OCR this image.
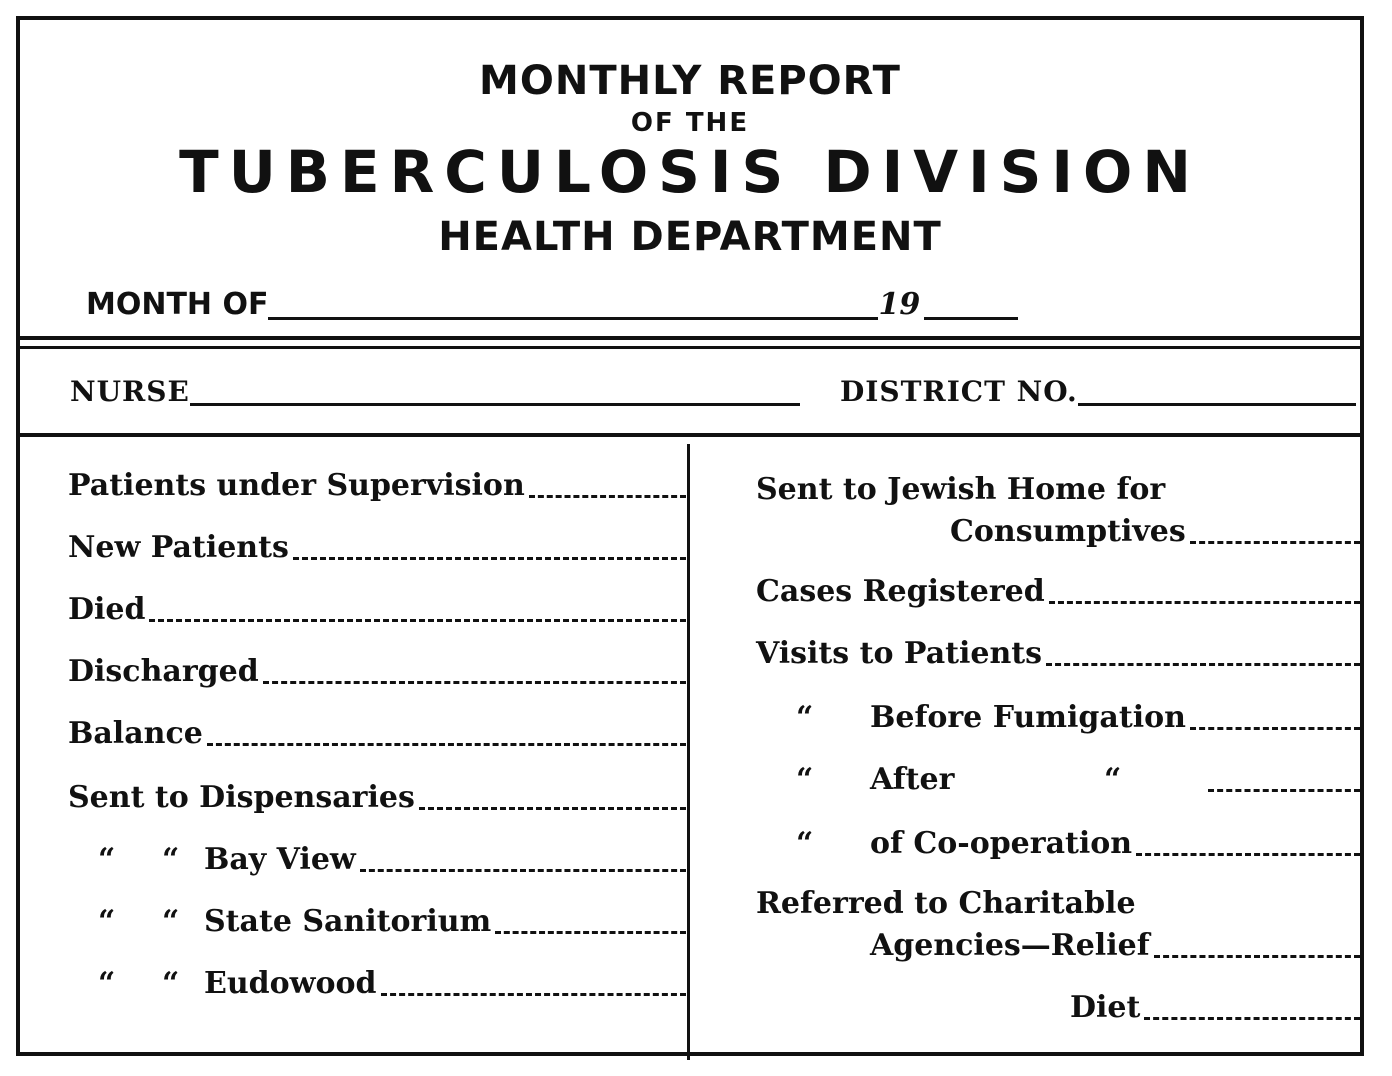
MONTHLY REPORT
OF THE
TUBERCULOSIS DIVISION
HEALTH DEPARTMENT
MONTH OF	19
NURSE	DISTRICT NO.
Patients under Supervision
New Patients
Died
Discharged
Balance
Sent to Dispensaries
“	“ Bay View
“	“ State Sanitorium
“	“ Eudowood
Sent to Jewish Home for
Consumptives
Cases Registered
Visits to Patients
“	Before Fumigation
“	After	“
“	of Co-operation
Referred to Charitable
Agencies—Relief
Diet
